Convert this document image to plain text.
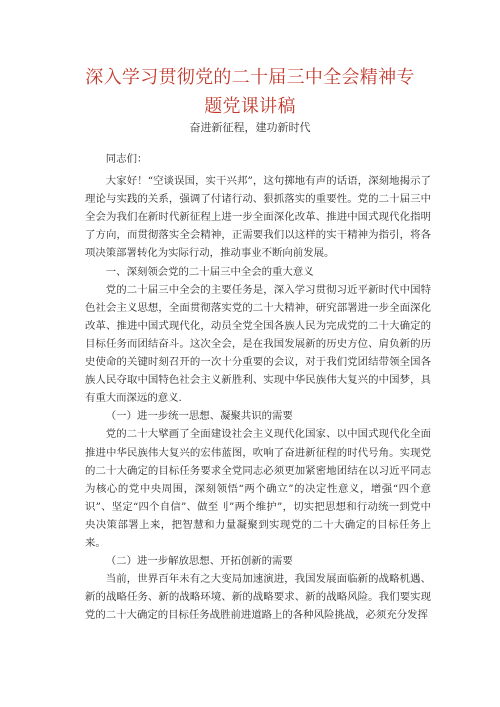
深入学习贯彻党的二十届三中全会精神专
题党课讲稿
奋进新征程，建功新时代

同志们：

大家好！“空谈误国，实干兴邦”，这句掷地有声的话语，深刻地揭示了理论与实践的关系，强调了付诸行动、狠抓落实的重要性。党的二十届三中全会为我们在新时代新征程上进一步全面深化改革、推进中国式现代化指明了方向，而贯彻落实全会精神，正需要我们以这样的实干精神为指引，将各项决策部署转化为实际行动，推动事业不断向前发展。

一、深刻领会党的二十届三中全会的重大意义

党的二十届三中全会的主要任务是，深入学习贯彻习近平新时代中国特色社会主义思想，全面贯彻落实党的二十大精神，研究部署进一步全面深化改革、推进中国式现代化，动员全党全国各族人民为完成党的二十大确定的目标任务而团结奋斗。这次全会，是在我国发展新的历史方位、肩负新的历史使命的关键时刻召开的一次十分重要的会议，对于我们党团结带领全国各族人民夺取中国特色社会主义新胜利、实现中华民族伟大复兴的中国梦，具有重大而深远的意义.

（一）进一步统一思想、凝聚共识的需要

党的二十大擘画了全面建设社会主义现代化国家、以中国式现代化全面推进中华民族伟大复兴的宏伟蓝图，吹响了奋进新征程的时代号角。实现党的二十大确定的目标任务要求全党同志必须更加紧密地团结在以习近平同志为核心的党中央周围，深刻领悟“两个确立”的决定性意义，增强“四个意识”、坚定“四个自信”、做至刂”两个维护”，切实把思想和行动统一到党中央决策部署上来，把智慧和力量凝聚到实现党的二十大确定的目标任务上来。

（二）进一步解放思想、开拓创新的需要

当前，世界百年未有之大变局加速演进，我国发展面临新的战略机遇、新的战略任务、新的战略环境、新的战略要求、新的战略风险。我们要实现党的二十大确定的目标任务战胜前进道路上的各种风险挑战，必须充分发挥
